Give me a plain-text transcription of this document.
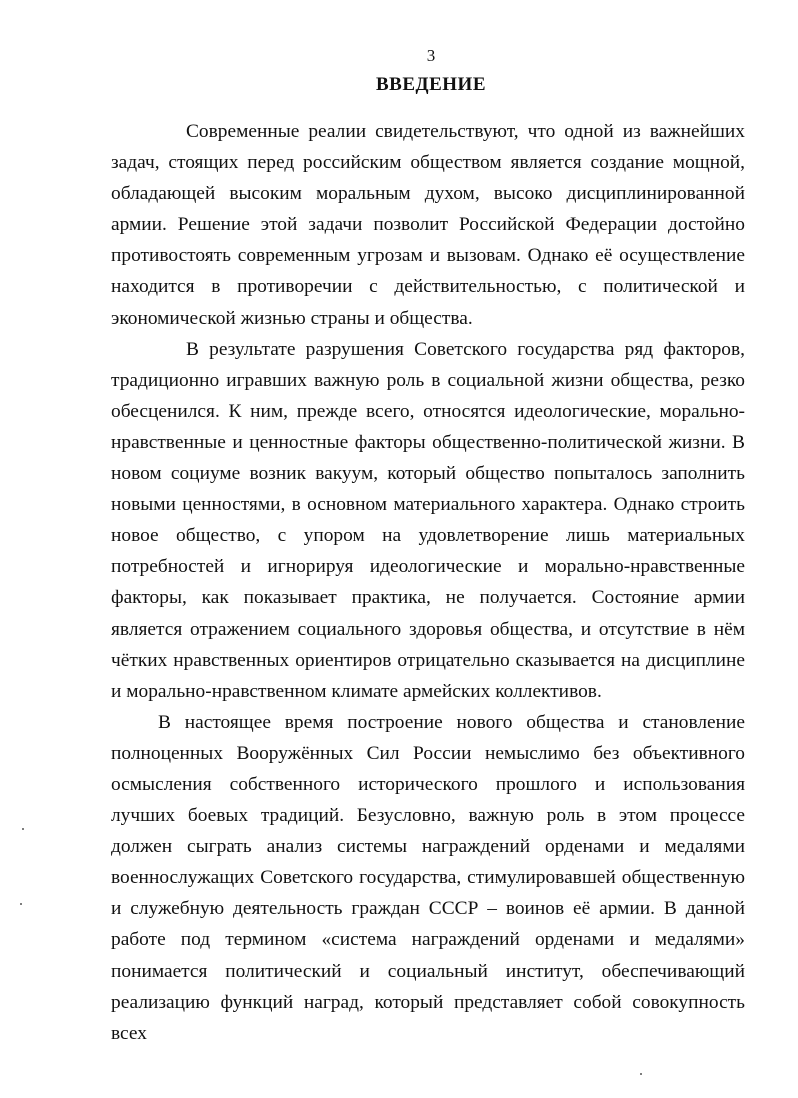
3
ВВЕДЕНИЕ

Современные реалии свидетельствуют, что одной из важнейших задач, стоящих перед российским обществом является создание мощной, обладающей высоким моральным духом, высоко дисциплинированной армии. Решение этой задачи позволит Российской Федерации достойно противостоять современным угрозам и вызовам. Однако её осуществление находится в противоречии с действительностью, с политической и экономической жизнью страны и общества.

В результате разрушения Советского государства ряд факторов, традиционно игравших важную роль в социальной жизни общества, резко обесценился. К ним, прежде всего, относятся идеологические, морально-нравственные и ценностные факторы общественно-политической жизни. В новом социуме возник вакуум, который общество попыталось заполнить новыми ценностями, в основном материального характера. Однако строить новое общество, с упором на удовлетворение лишь материальных потребностей и игнорируя идеологические и морально-нравственные факторы, как показывает практика, не получается. Состояние армии является отражением социального здоровья общества, и отсутствие в нём чётких нравственных ориентиров отрицательно сказывается на дисциплине и морально-нравственном климате армейских коллективов.

В настоящее время построение нового общества и становление полноценных Вооружённых Сил России немыслимо без объективного осмысления собственного исторического прошлого и использования лучших боевых традиций. Безусловно, важную роль в этом процессе должен сыграть анализ системы награждений орденами и медалями военнослужащих Советского государства, стимулировавшей общественную и служебную деятельность граждан СССР – воинов её армии. В данной работе под термином «система награждений орденами и медалями» понимается политический и социальный институт, обеспечивающий реализацию функций наград, который представляет собой совокупность всех
